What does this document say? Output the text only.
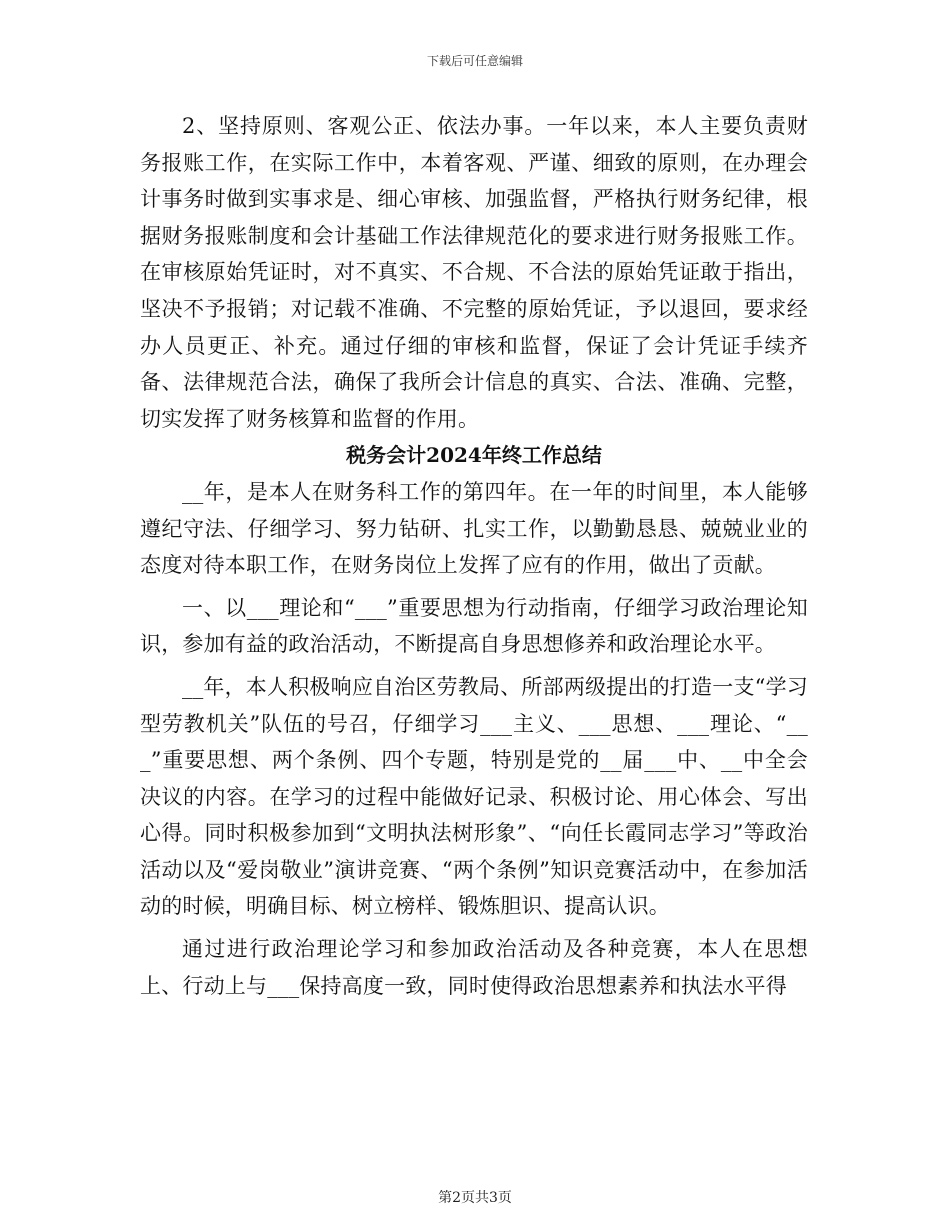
下载后可任意编辑

2、坚持原则、客观公正、依法办事。一年以来，本人主要负责财务报账工作，在实际工作中，本着客观、严谨、细致的原则，在办理会计事务时做到实事求是、细心审核、加强监督，严格执行财务纪律，根据财务报账制度和会计基础工作法律规范化的要求进行财务报账工作。在审核原始凭证时，对不真实、不合规、不合法的原始凭证敢于指出，坚决不予报销；对记载不准确、不完整的原始凭证，予以退回，要求经办人员更正、补充。通过仔细的审核和监督，保证了会计凭证手续齐备、法律规范合法，确保了我所会计信息的真实、合法、准确、完整，切实发挥了财务核算和监督的作用。

税务会计2024年终工作总结

__年，是本人在财务科工作的第四年。在一年的时间里，本人能够遵纪守法、仔细学习、努力钻研、扎实工作，以勤勤恳恳、兢兢业业的态度对待本职工作，在财务岗位上发挥了应有的作用，做出了贡献。

一、以___理论和“___”重要思想为行动指南，仔细学习政治理论知识，参加有益的政治活动，不断提高自身思想修养和政治理论水平。

__年，本人积极响应自治区劳教局、所部两级提出的打造一支“学习型劳教机关”队伍的号召，仔细学习___主义、___思想、___理论、“___”重要思想、两个条例、四个专题，特别是党的__届___中、__中全会决议的内容。在学习的过程中能做好记录、积极讨论、用心体会、写出心得。同时积极参加到“文明执法树形象”、“向任长霞同志学习”等政治活动以及“爱岗敬业”演讲竞赛、“两个条例”知识竞赛活动中，在参加活动的时候，明确目标、树立榜样、锻炼胆识、提高认识。

通过进行政治理论学习和参加政治活动及各种竞赛，本人在思想上、行动上与___保持高度一致，同时使得政治思想素养和执法水平得

第2页共3页
